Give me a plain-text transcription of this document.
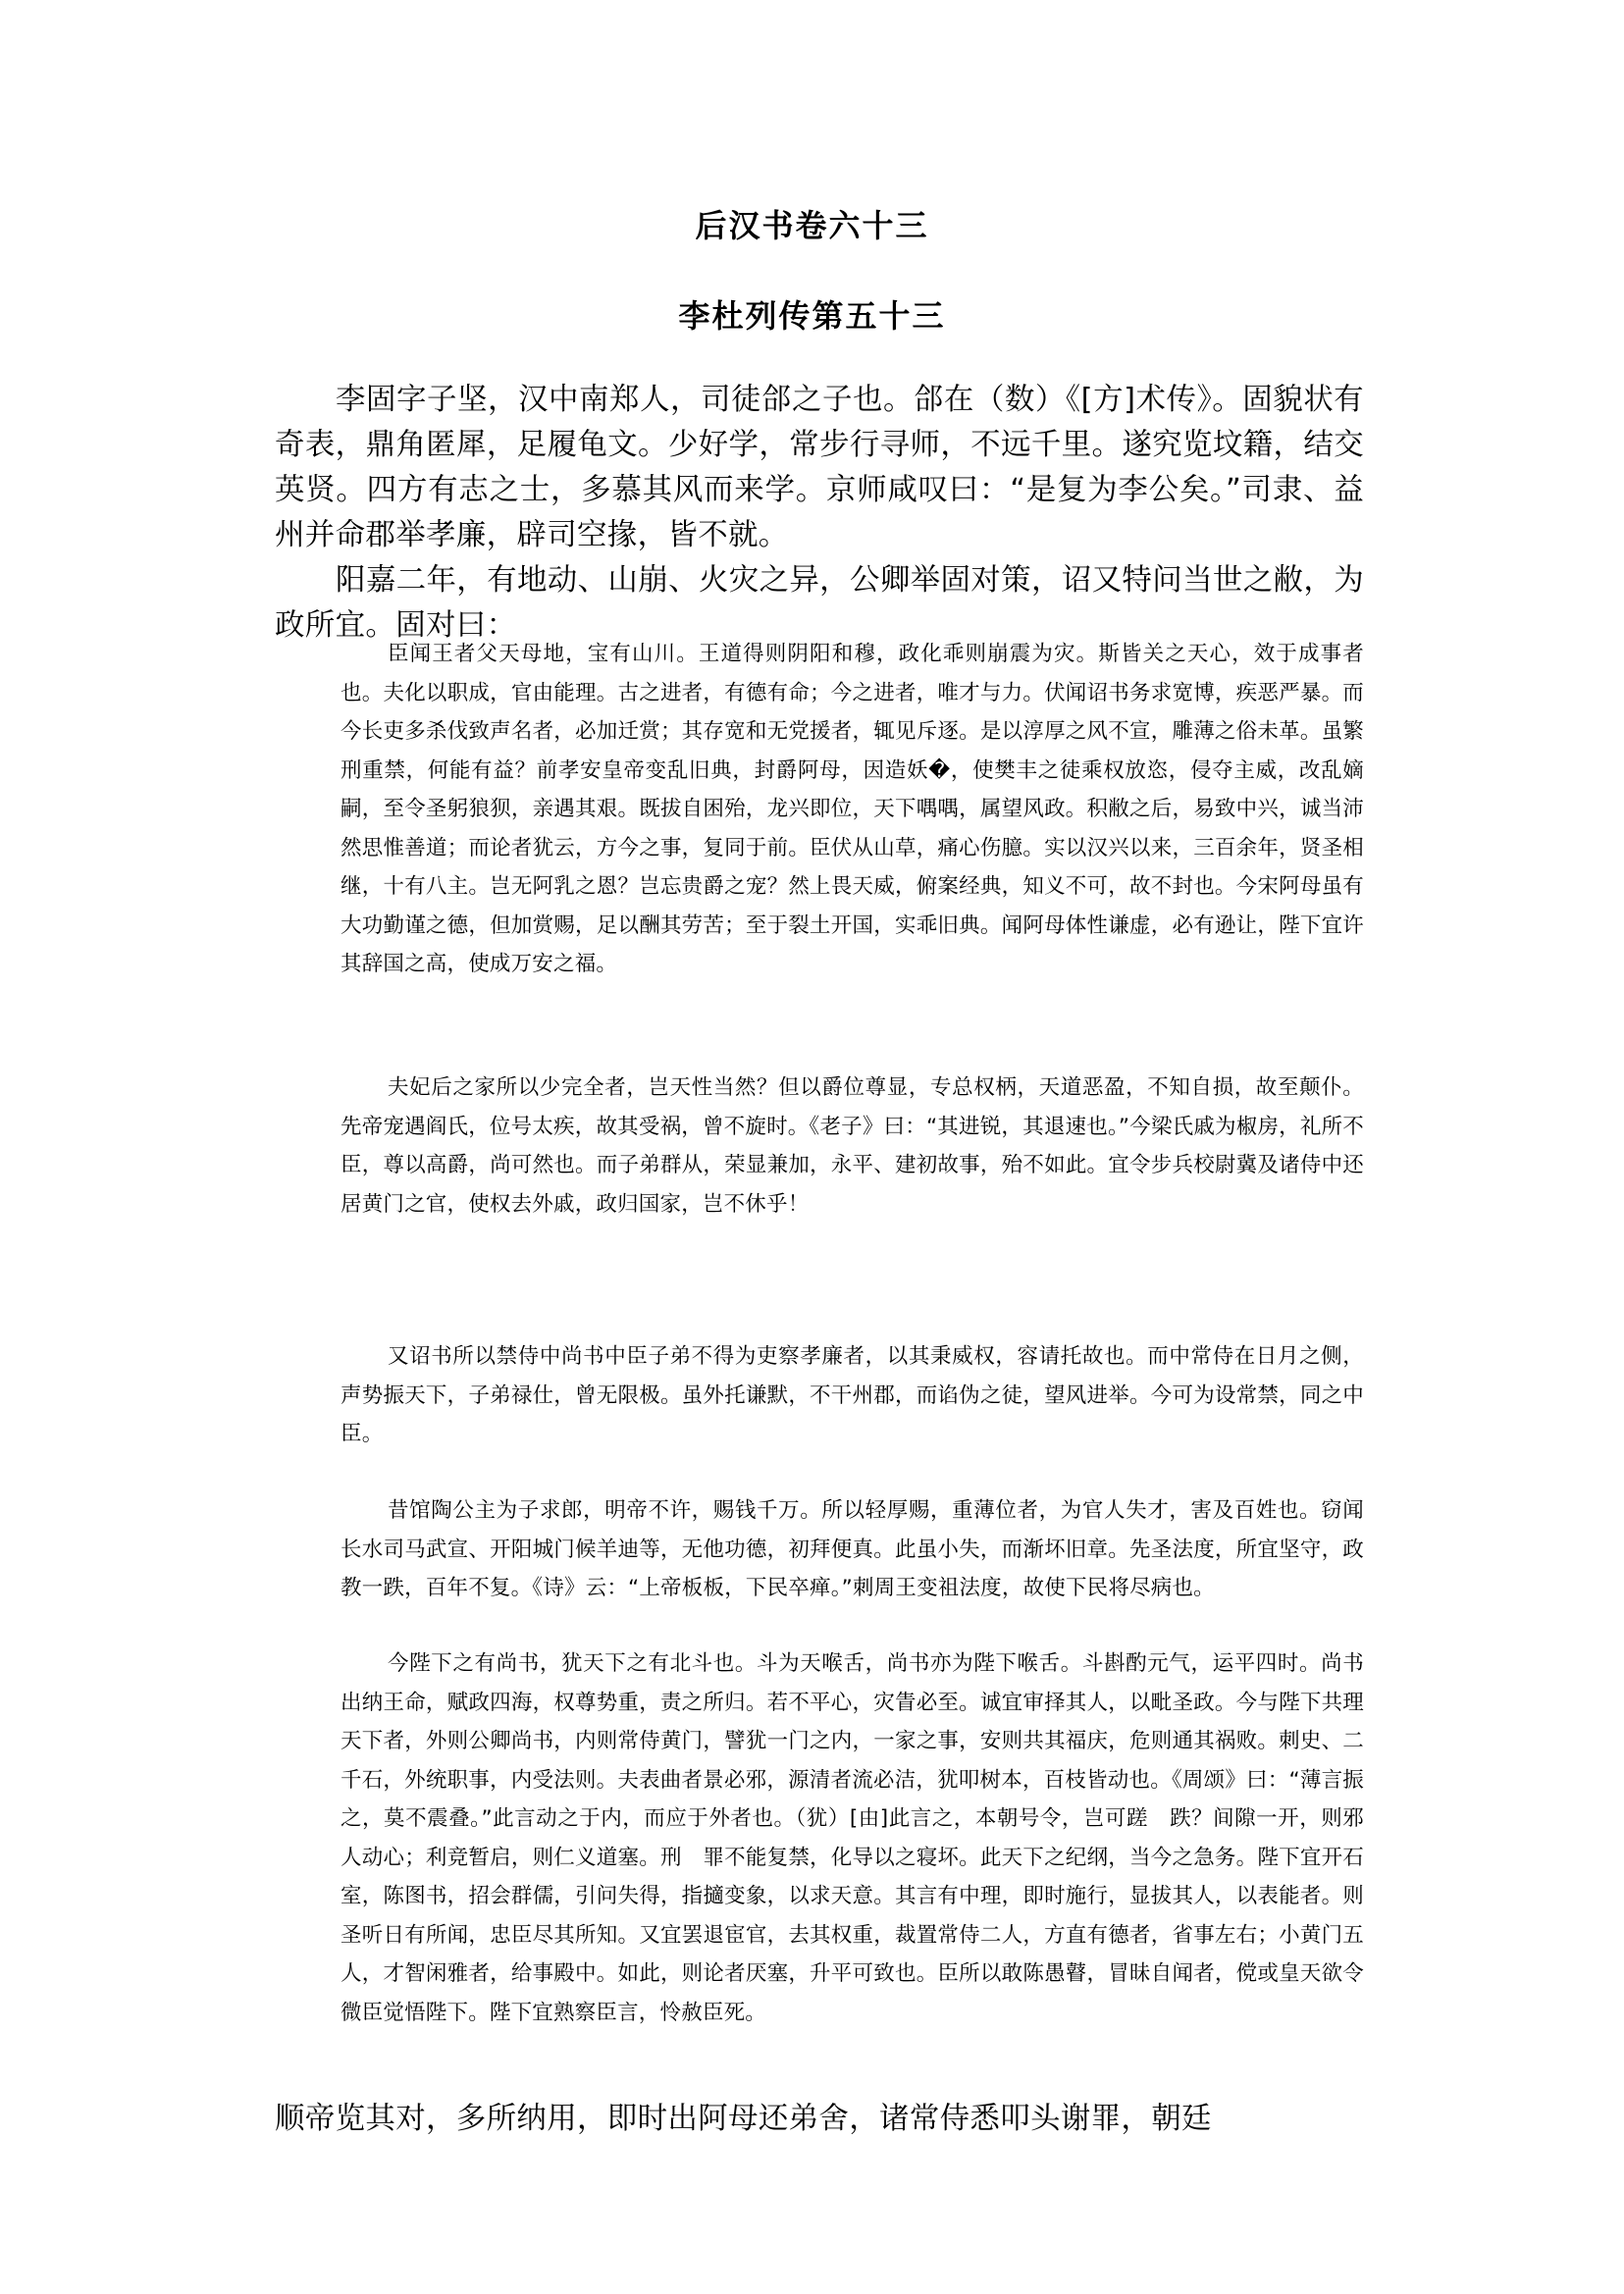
后汉书卷六十三
李杜列传第五十三

李固字子坚，汉中南郑人，司徒郃之子也。郃在（数）《[方]术传》。固貌状有奇表，鼎角匿犀，足履龟文。少好学，常步行寻师，不远千里。遂究览坟籍，结交英贤。四方有志之士，多慕其风而来学。京师咸叹曰：“是复为李公矣。”司隶、益州并命郡举孝廉，辟司空掾，皆不就。

阳嘉二年，有地动、山崩、火灾之异，公卿举固对策，诏又特问当世之敝，为政所宜。固对曰：

臣闻王者父天母地，宝有山川。王道得则阴阳和穆，政化乖则崩震为灾。斯皆关之天心，效于成事者也。夫化以职成，官由能理。古之进者，有德有命；今之进者，唯才与力。伏闻诏书务求宽博，疾恶严暴。而今长吏多杀伐致声名者，必加迁赏；其存宽和无党援者，辄见斥逐。是以淳厚之风不宣，雕薄之俗未革。虽繁刑重禁，何能有益？前孝安皇帝变乱旧典，封爵阿母，因造妖�，使樊丰之徒乘权放恣，侵夺主威，改乱嫡嗣，至令圣躬狼狈，亲遇其艰。既拔自困殆，龙兴即位，天下喁喁，属望风政。积敝之后，易致中兴，诚当沛然思惟善道；而论者犹云，方今之事，复同于前。臣伏从山草，痛心伤臆。实以汉兴以来，三百余年，贤圣相继，十有八主。岂无阿乳之恩？岂忘贵爵之宠？然上畏天威，俯案经典，知义不可，故不封也。今宋阿母虽有大功勤谨之德，但加赏赐，足以酬其劳苦；至于裂土开国，实乖旧典。闻阿母体性谦虚，必有逊让，陛下宜许其辞国之高，使成万安之福。

夫妃后之家所以少完全者，岂天性当然？但以爵位尊显，专总权柄，天道恶盈，不知自损，故至颠仆。先帝宠遇阎氏，位号太疾，故其受祸，曾不旋时。《老子》曰：“其进锐，其退速也。”今梁氏戚为椒房，礼所不臣，尊以高爵，尚可然也。而子弟群从，荣显兼加，永平、建初故事，殆不如此。宜令步兵校尉冀及诸侍中还居黄门之官，使权去外戚，政归国家，岂不休乎！

又诏书所以禁侍中尚书中臣子弟不得为吏察孝廉者，以其秉威权，容请托故也。而中常侍在日月之侧，声势振天下，子弟禄仕，曾无限极。虽外托谦默，不干州郡，而谄伪之徒，望风进举。今可为设常禁，同之中臣。

昔馆陶公主为子求郎，明帝不许，赐钱千万。所以轻厚赐，重薄位者，为官人失才，害及百姓也。窃闻长水司马武宣、开阳城门候羊迪等，无他功德，初拜便真。此虽小失，而渐坏旧章。先圣法度，所宜坚守，政教一跌，百年不复。《诗》云：“上帝板板，下民卒瘅。”刺周王变祖法度，故使下民将尽病也。

今陛下之有尚书，犹天下之有北斗也。斗为天喉舌，尚书亦为陛下喉舌。斗斟酌元气，运平四时。尚书出纳王命，赋政四海，权尊势重，责之所归。若不平心，灾眚必至。诚宜审择其人，以毗圣政。今与陛下共理天下者，外则公卿尚书，内则常侍黄门，譬犹一门之内，一家之事，安则共其福庆，危则通其祸败。刺史、二千石，外统职事，内受法则。夫表曲者景必邪，源清者流必洁，犹叩树本，百枝皆动也。《周颂》曰：“薄言振之，莫不震叠。”此言动之于内，而应于外者也。（犹）[由]此言之，本朝号令，岂可蹉　跌？间隙一开，则邪人动心；利竞暂启，则仁义道塞。刑　罪不能复禁，化导以之寝坏。此天下之纪纲，当今之急务。陛下宜开石室，陈图书，招会群儒，引问失得，指擿变象，以求天意。其言有中理，即时施行，显拔其人，以表能者。则圣听日有所闻，忠臣尽其所知。又宜罢退宦官，去其权重，裁置常侍二人，方直有德者，省事左右；小黄门五人，才智闲雅者，给事殿中。如此，则论者厌塞，升平可致也。臣所以敢陈愚瞽，冒昧自闻者，傥或皇天欲令微臣觉悟陛下。陛下宜熟察臣言，怜赦臣死。

顺帝览其对，多所纳用，即时出阿母还弟舍，诸常侍悉叩头谢罪，朝廷
